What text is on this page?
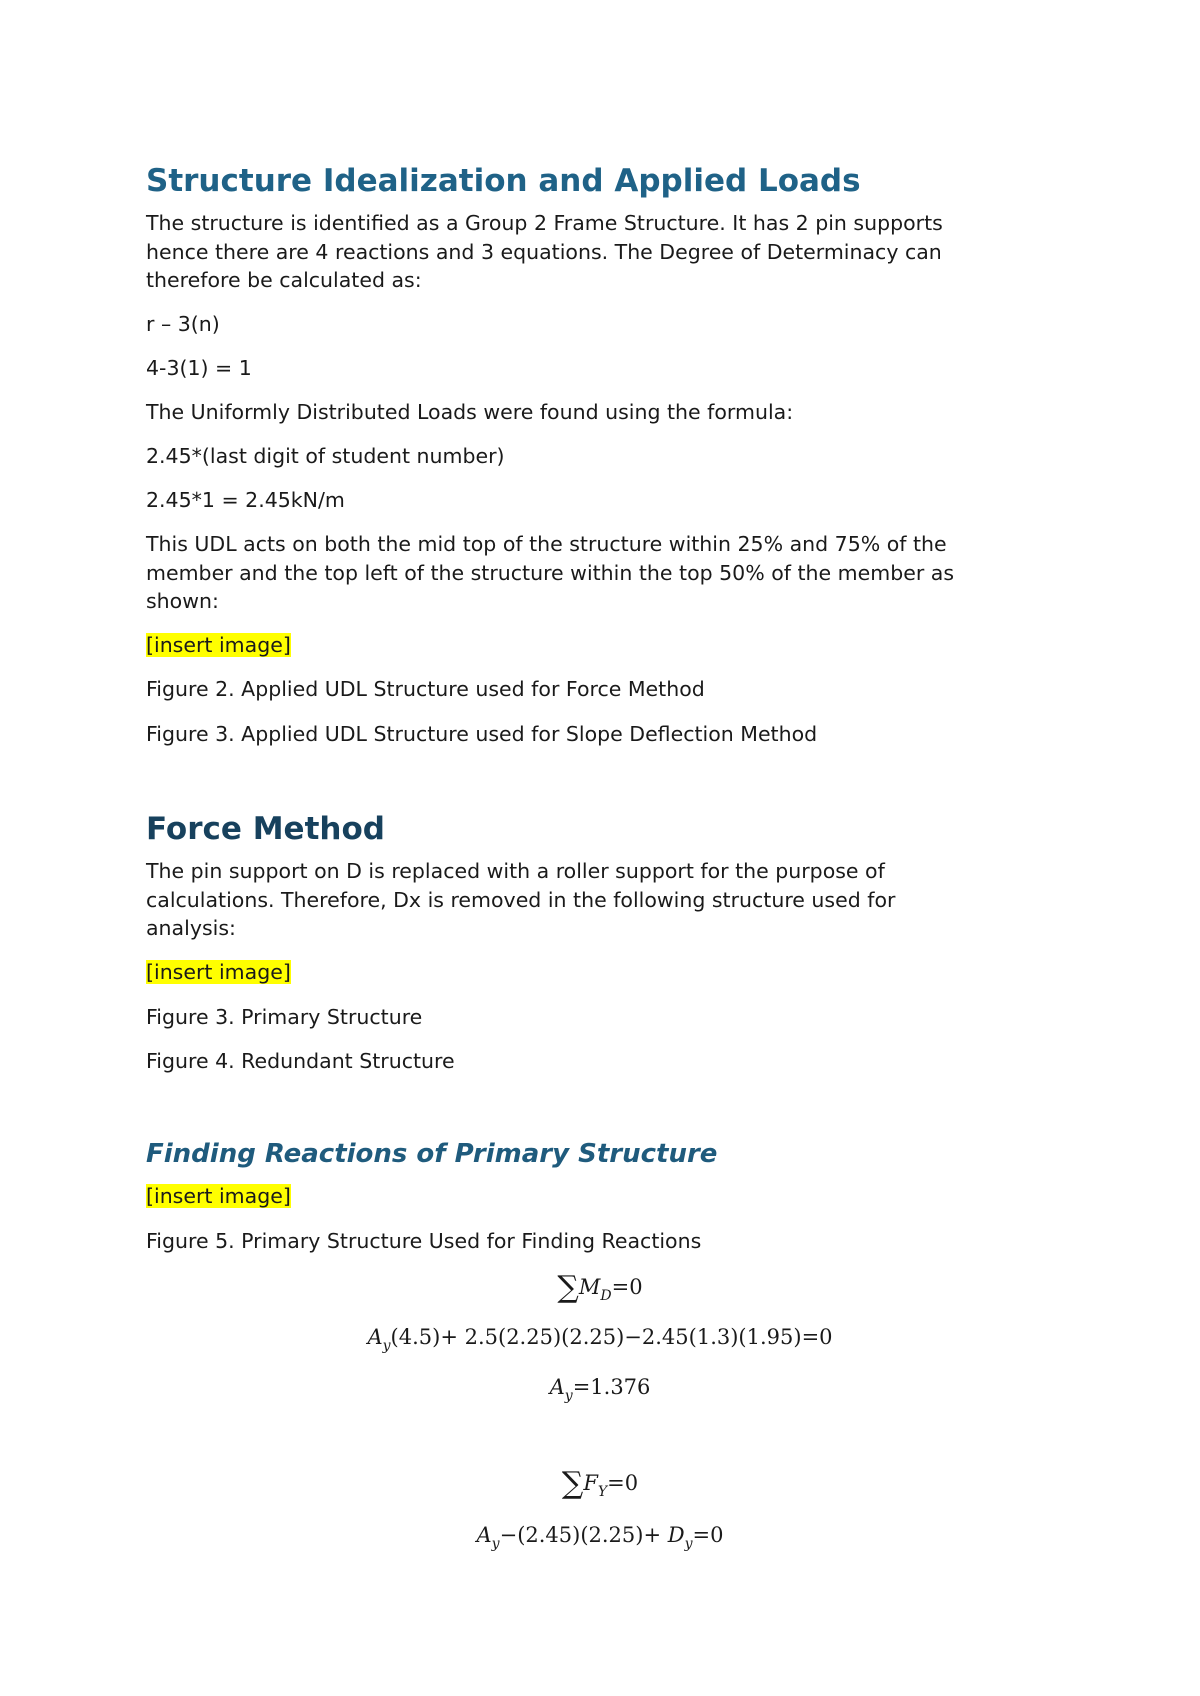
Structure Idealization and Applied Loads

The structure is identified as a Group 2 Frame Structure. It has 2 pin supports

hence there are 4 reactions and 3 equations. The Degree of Determinacy can

therefore be calculated as:

r – 3(n)

4-3(1) = 1

The Uniformly Distributed Loads were found using the formula:

2.45*(last digit of student number)

2.45*1 = 2.45kN/m

This UDL acts on both the mid top of the structure within 25% and 75% of the

member and the top left of the structure within the top 50% of the member as

shown:

[insert image]

Figure 2. Applied UDL Structure used for Force Method

Figure 3. Applied UDL Structure used for Slope Deflection Method

Force Method

The pin support on D is replaced with a roller support for the purpose of

calculations. Therefore, Dx is removed in the following structure used for

analysis:

[insert image]

Figure 3. Primary Structure

Figure 4. Redundant Structure

Finding Reactions of Primary Structure

[insert image]

Figure 5. Primary Structure Used for Finding Reactions

$\sum M_D=0$

$A_y(4.5)+ 2.5(2.25)(2.25)-2.45(1.3)(1.95)=0$

$A_y=1.376$

$\sum F_Y=0$

$A_y-(2.45)(2.25)+ D_y=0$
